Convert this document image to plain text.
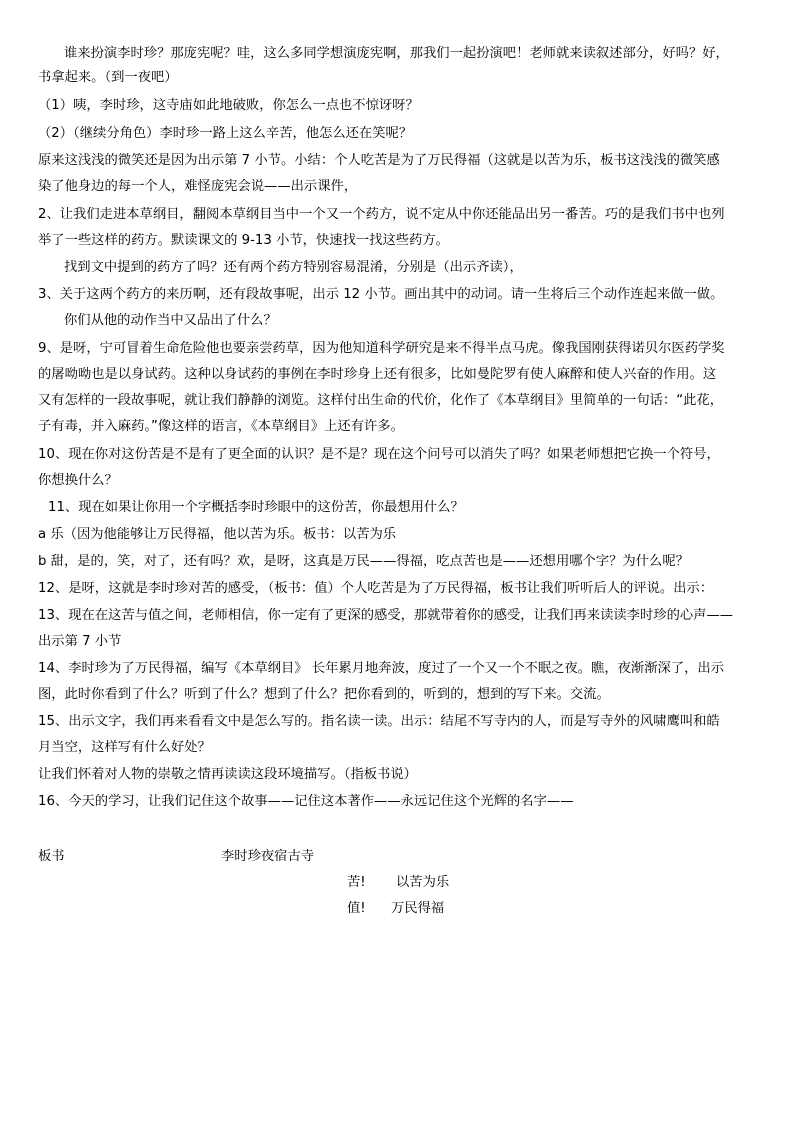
谁来扮演李时珍？那庞宪呢？哇，这么多同学想演庞宪啊，那我们一起扮演吧！老师就来读叙述部分，好吗？好，
书拿起来。（到一夜吧）
（1）咦，李时珍，这寺庙如此地破败，你怎么一点也不惊讶呀？
（2）（继续分角色）李时珍一路上这么辛苦，他怎么还在笑呢？
原来这浅浅的微笑还是因为出示第 7 小节。小结：个人吃苦是为了万民得福（这就是以苦为乐，板书这浅浅的微笑感
染了他身边的每一个人，难怪庞宪会说——出示课件，
2、让我们走进本草纲目，翻阅本草纲目当中一个又一个药方，说不定从中你还能品出另一番苦。巧的是我们书中也列
举了一些这样的药方。默读课文的 9-13 小节，快速找一找这些药方。
找到文中提到的药方了吗？还有两个药方特别容易混淆，分别是（出示齐读），
3、关于这两个药方的来历啊，还有段故事呢，出示 12 小节。画出其中的动词。请一生将后三个动作连起来做一做。
你们从他的动作当中又品出了什么？
9、是呀，宁可冒着生命危险他也要亲尝药草，因为他知道科学研究是来不得半点马虎。像我国刚获得诺贝尔医药学奖
的屠呦呦也是以身试药。这种以身试药的事例在李时珍身上还有很多，比如曼陀罗有使人麻醉和使人兴奋的作用。这
又有怎样的一段故事呢，就让我们静静的浏览。这样付出生命的代价，化作了《本草纲目》里简单的一句话：“此花，
子有毒，并入麻药。”像这样的语言，《本草纲目》上还有许多。
10、现在你对这份苦是不是有了更全面的认识？是不是？现在这个问号可以消失了吗？如果老师想把它换一个符号，
你想换什么？
11、现在如果让你用一个字概括李时珍眼中的这份苦，你最想用什么？
a 乐（因为他能够让万民得福，他以苦为乐。板书：以苦为乐
b 甜，是的，笑，对了，还有吗？欢，是呀，这真是万民——得福，吃点苦也是——还想用哪个字？为什么呢？
12、是呀，这就是李时珍对苦的感受，（板书：值）个人吃苦是为了万民得福，板书让我们听听后人的评说。出示：
13、现在在这苦与值之间，老师相信，你一定有了更深的感受，那就带着你的感受，让我们再来读读李时珍的心声——
出示第 7 小节
14、李时珍为了万民得福，编写《本草纲目》 长年累月地奔波，度过了一个又一个不眠之夜。瞧，夜渐渐深了，出示
图，此时你看到了什么？听到了什么？想到了什么？把你看到的，听到的，想到的写下来。交流。
15、出示文字，我们再来看看文中是怎么写的。指名读一读。出示：结尾不写寺内的人，而是写寺外的风啸鹰叫和皓
月当空，这样写有什么好处？
让我们怀着对人物的崇敬之情再读读这段环境描写。（指板书说）
16、今天的学习，让我们记住这个故事——记住这本著作——永远记住这个光辉的名字——
板书	李时珍夜宿古寺
苦! 以苦为乐
值! 万民得福
